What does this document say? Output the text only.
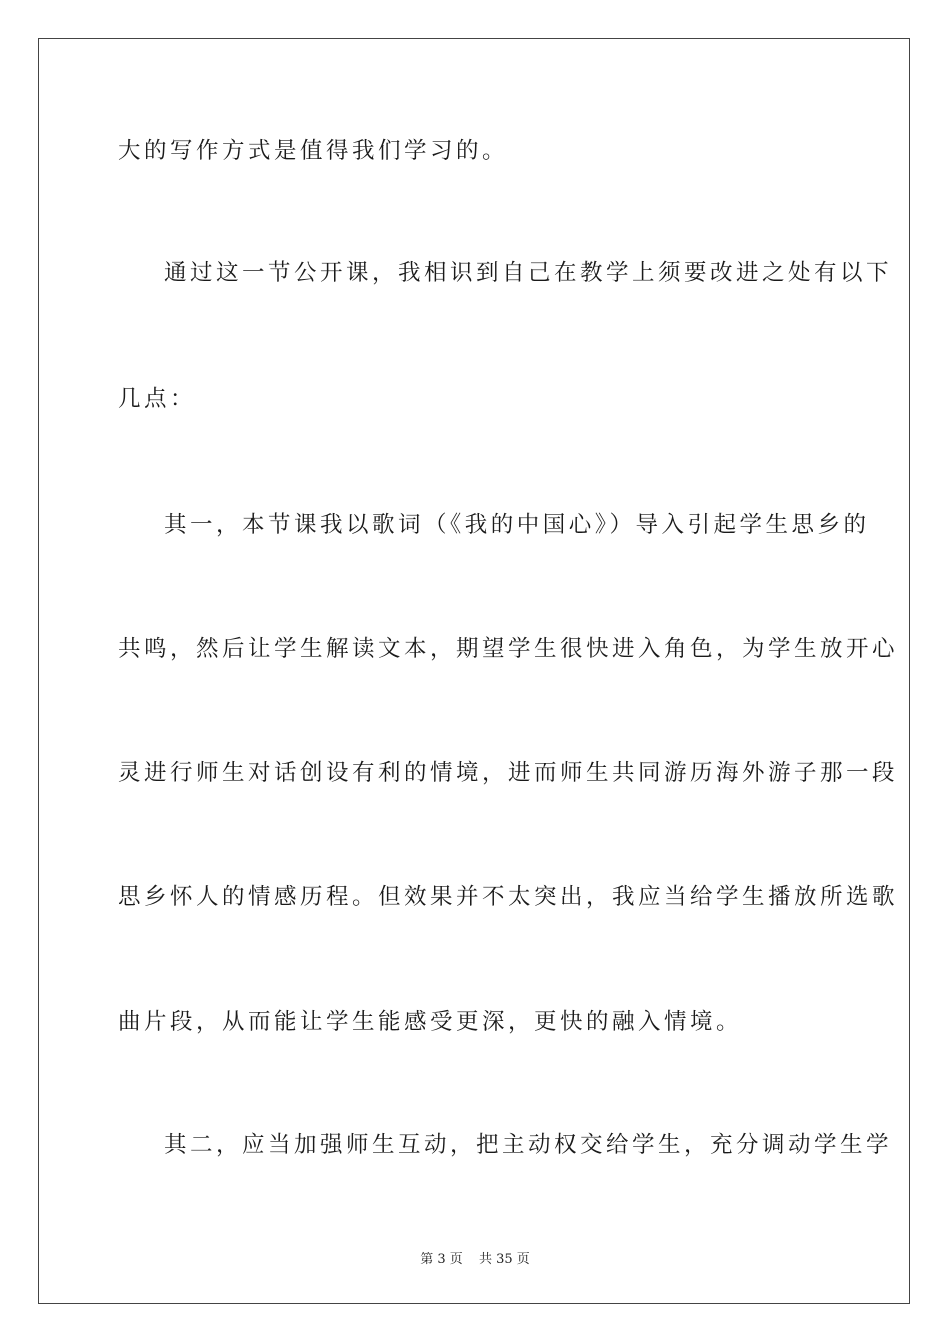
大的写作方式是值得我们学习的。
通过这一节公开课，我相识到自己在教学上须要改进之处有以下
几点：
其一，本节课我以歌词（《我的中国心》）导入引起学生思乡的
共鸣，然后让学生解读文本，期望学生很快进入角色，为学生放开心
灵进行师生对话创设有利的情境，进而师生共同游历海外游子那一段
思乡怀人的情感历程。但效果并不太突出，我应当给学生播放所选歌
曲片段，从而能让学生能感受更深，更快的融入情境。
其二，应当加强师生互动，把主动权交给学生，充分调动学生学
第 3 页 共 35 页
